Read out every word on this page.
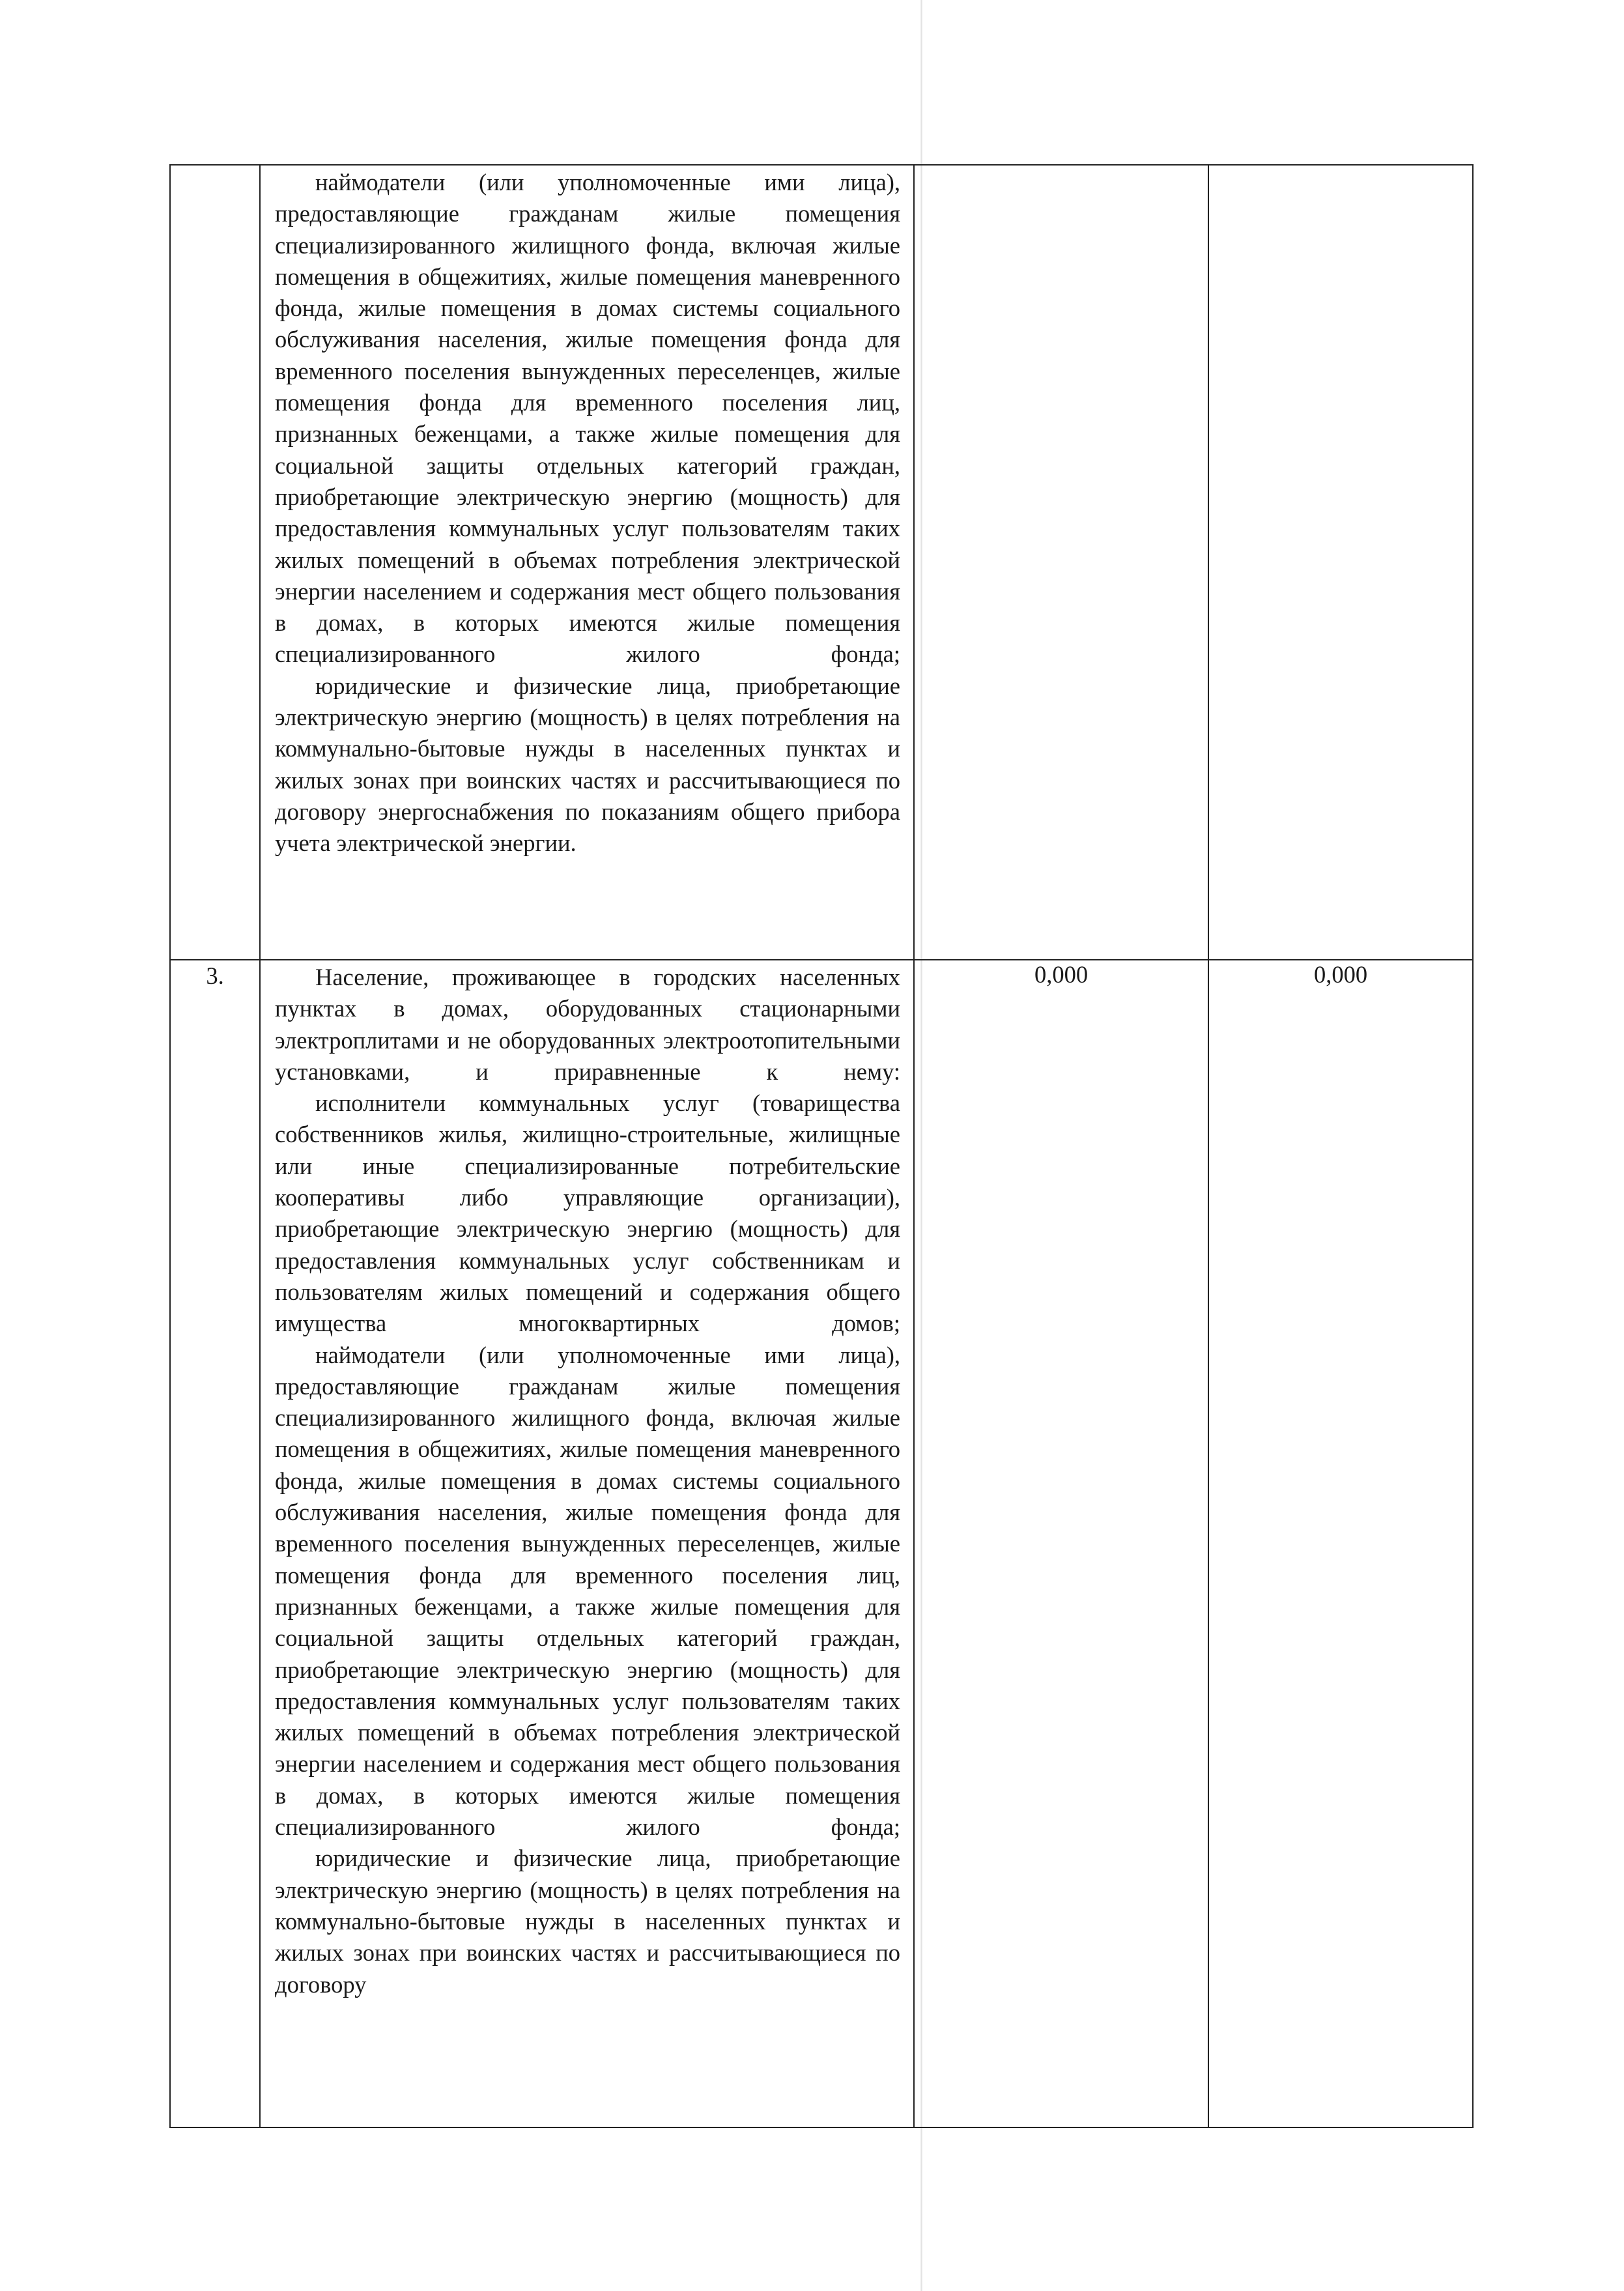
	наймодатели (или уполномоченные ими лица), предоставляющие гражданам жилые помещения специализированного жилищного фонда, включая жилые помещения в общежитиях, жилые помещения маневренного фонда, жилые помещения в домах системы социального обслуживания населения, жилые помещения фонда для временного поселения вынужденных переселенцев, жилые помещения фонда для временного поселения лиц, признанных беженцами, а также жилые помещения для социальной защиты отдельных категорий граждан, приобретающие электрическую энергию (мощность) для предоставления коммунальных услуг пользователям таких жилых помещений в объемах потребления электрической энергии населением и содержания мест общего пользования в домах, в которых имеются жилые помещения специализированного жилого фонда;

юридические и физические лица, приобретающие электрическую энергию (мощность) в целях потребления на коммунально-бытовые нужды в населенных пунктах и жилых зонах при воинских частях и рассчитывающиеся по договору энергоснабжения по показаниям общего прибора учета электрической энергии.		

3.	Население, проживающее в городских населенных пунктах в домах, оборудованных стационарными электроплитами и не оборудованных электроотопительными установками, и приравненные к нему:

исполнители коммунальных услуг (товарищества собственников жилья, жилищно-строительные, жилищные или иные специализированные потребительские кооперативы либо управляющие организации), приобретающие электрическую энергию (мощность) для предоставления коммунальных услуг собственникам и пользователям жилых помещений и содержания общего имущества многоквартирных домов;

наймодатели (или уполномоченные ими лица), предоставляющие гражданам жилые помещения специализированного жилищного фонда, включая жилые помещения в общежитиях, жилые помещения маневренного фонда, жилые помещения в домах системы социального обслуживания населения, жилые помещения фонда для временного поселения вынужденных переселенцев, жилые помещения фонда для временного поселения лиц, признанных беженцами, а также жилые помещения для социальной защиты отдельных категорий граждан, приобретающие электрическую энергию (мощность) для предоставления коммунальных услуг пользователям таких жилых помещений в объемах потребления электрической энергии населением и содержания мест общего пользования в домах, в которых имеются жилые помещения специализированного жилого фонда;

юридические и физические лица, приобретающие электрическую энергию (мощность) в целях потребления на коммунально-бытовые нужды в населенных пунктах и жилых зонах при воинских частях и рассчитывающиеся по договору	0,000	0,000
